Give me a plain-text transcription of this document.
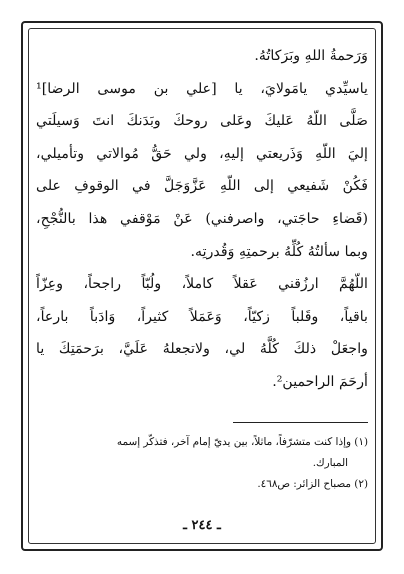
وَرَحمةُ اللهِ وبَرَكاتُهُ.
ياسيِّدي يامَولايَ، يا [علي بن موسى الرضا]¹
صَلَّى اللّهُ عَليكَ وعَلى روحكَ وبَدَنكَ انتَ وَسيلَتي
إليَ اللّهِ وَذَريعتي إليهِ، ولي حَقُّ مُوالاتي وتأميلي،
فَكُنْ شَفيعي إلى اللّهِ عَزَّوَجَلَّ في الوقوفِ على
(قَضاءِ حاجَتي، واصرفني) عَنْ مَوْقفي هذا بالنُّجْحِ،
وبما سألتُهُ كُلِّهُ برحمتِهِ وَقُدرتِه.
اللّهُمَّ ارزُقني عَقلاً كاملاً، ولُبّاً راجحاً، وعِزّاً
باقياً، وقَلباً زكيّاً، وَعَمَلاً كثيراً، وَادَباً بارعاً،
واجعَلْ ذلكَ كُلَّهُ لي، ولاتجعلهُ عَلَيَّ، برَحمَتِكَ يا
أرحَمَ الراحمين².
(١) وإذا كنت متشرّفاً، ماثلاً، بين يديّ إمام آخر، فتذكّر إسمه
المبارك.
(٢) مصباح الزائر: ص٤٦٨.
ـ ٢٤٤ ـ
